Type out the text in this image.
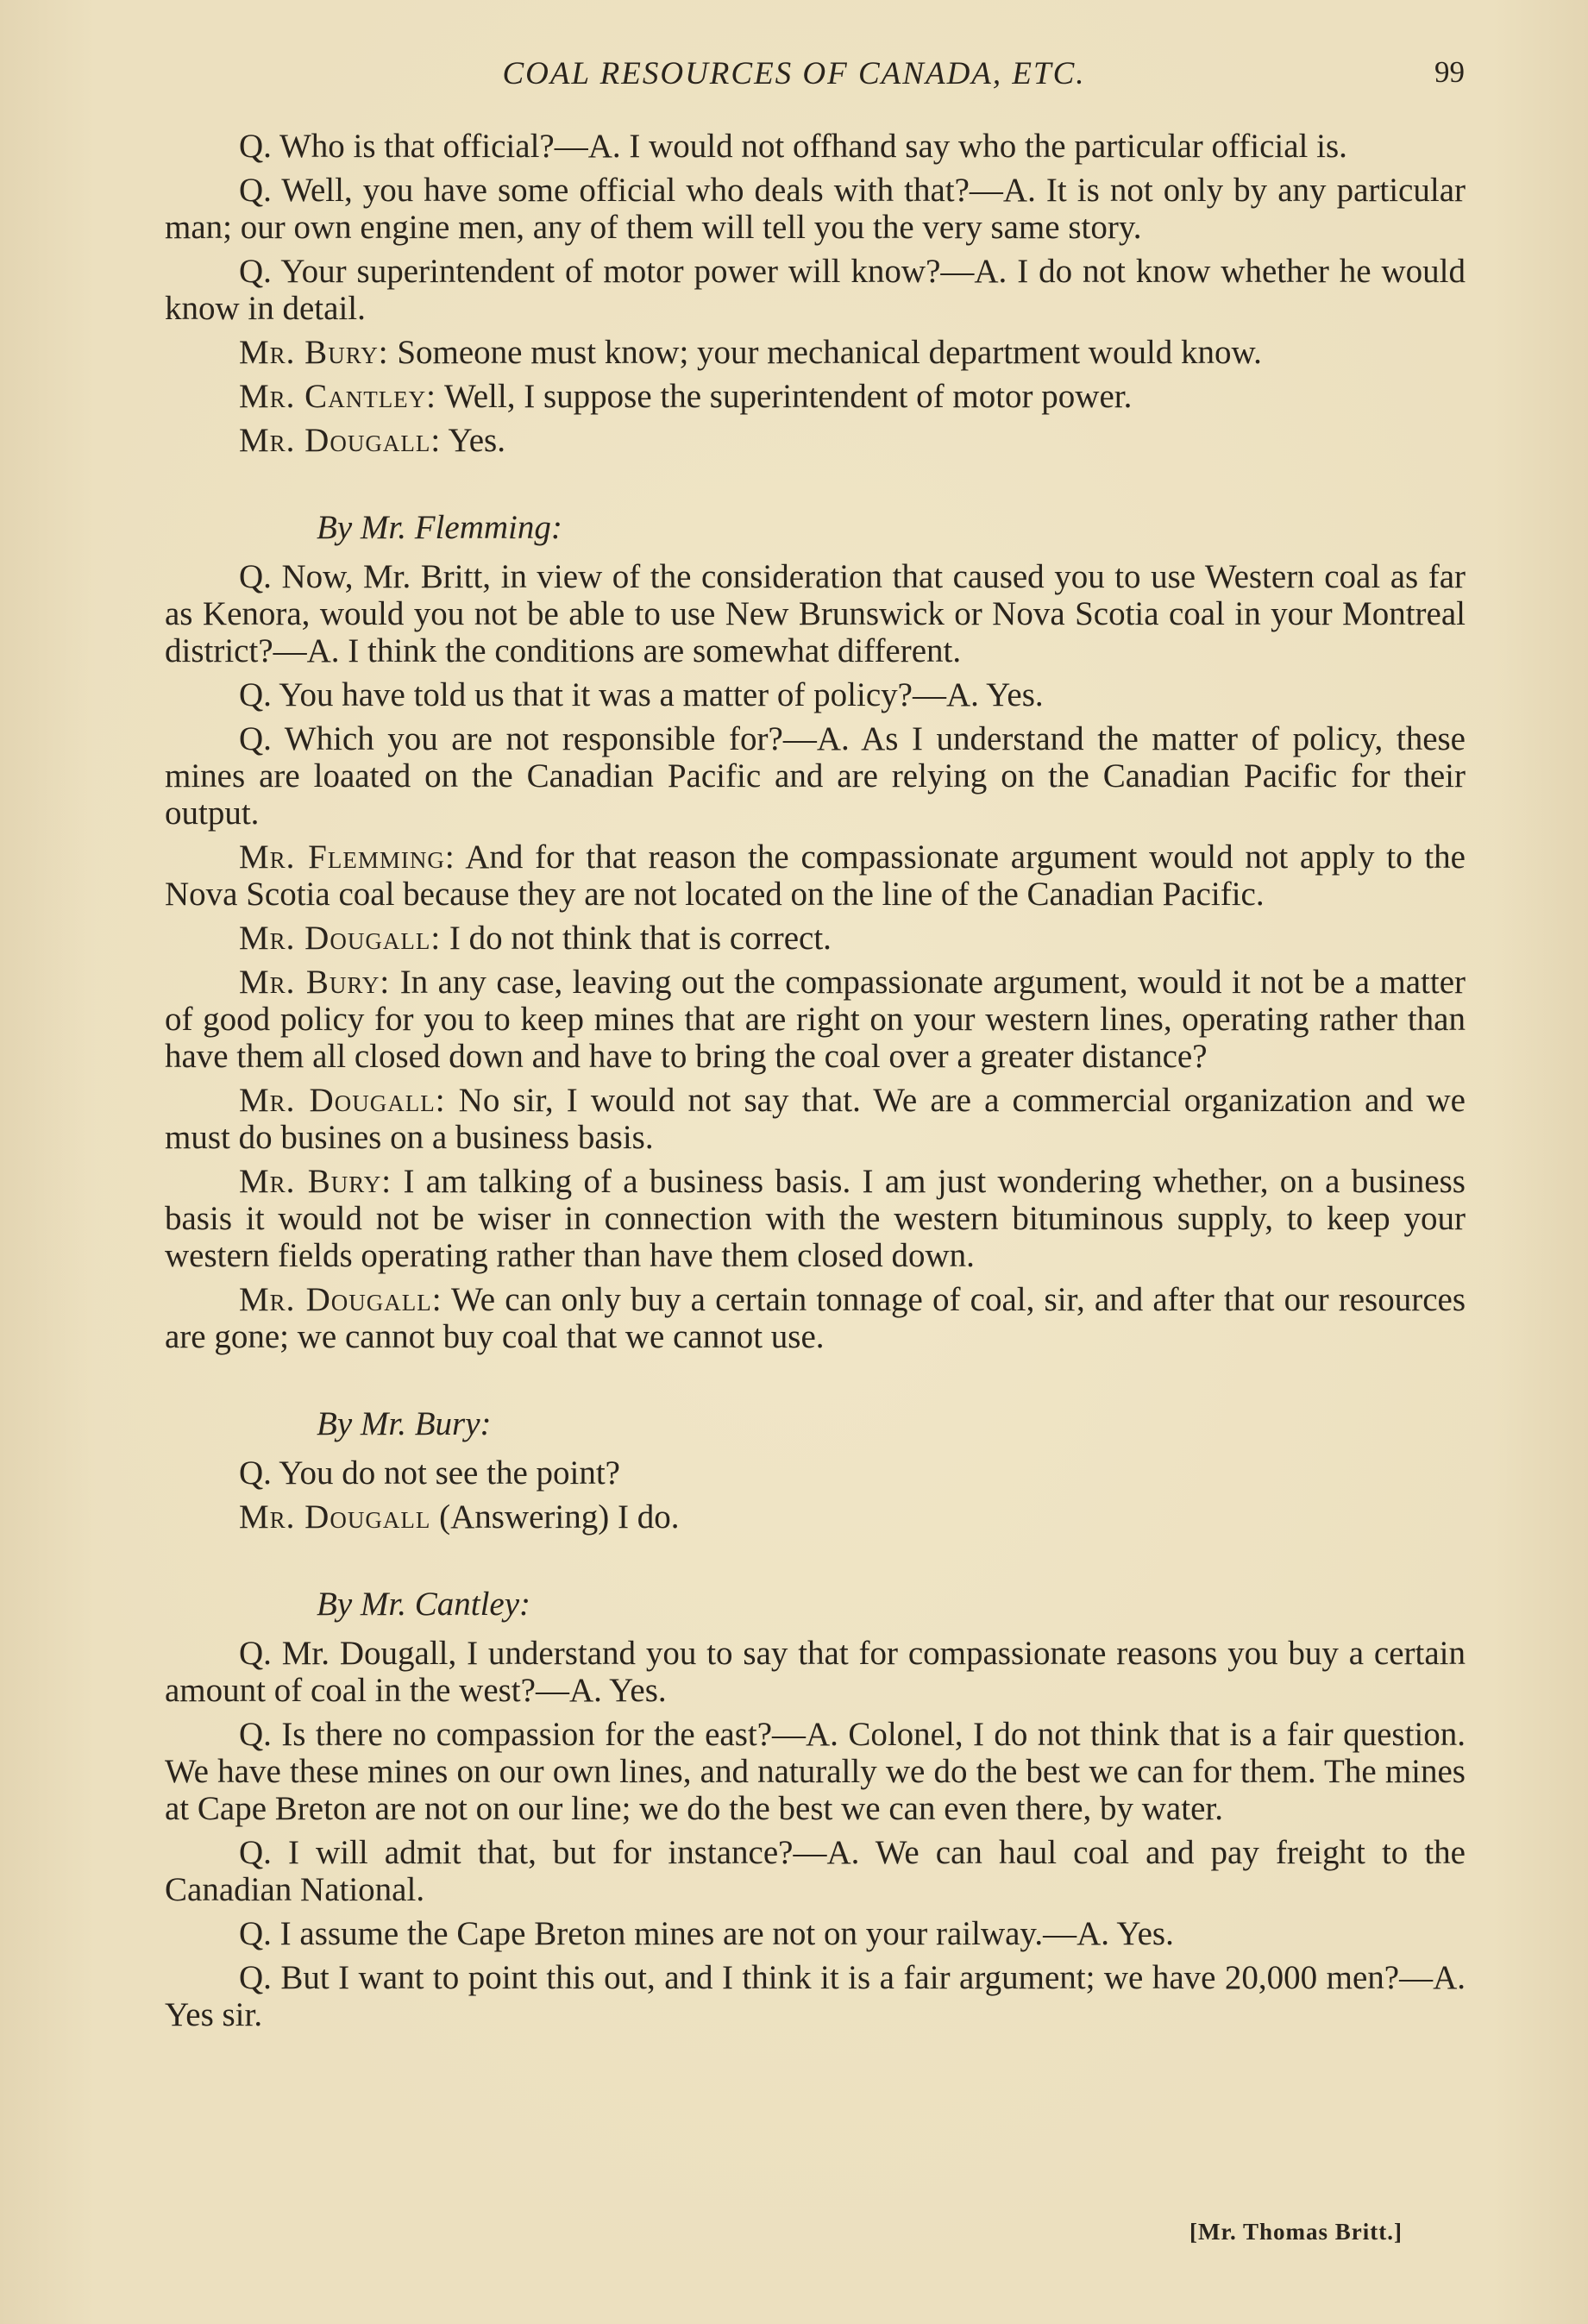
COAL RESOURCES OF CANADA, ETC.	99

Q. Who is that official?—A. I would not offhand say who the particular official is.

Q. Well, you have some official who deals with that?—A. It is not only by any particular man; our own engine men, any of them will tell you the very same story.

Q. Your superintendent of motor power will know?—A. I do not know whether he would know in detail.

Mr. Bury: Someone must know; your mechanical department would know.

Mr. Cantley: Well, I suppose the superintendent of motor power.

Mr. Dougall: Yes.

By Mr. Flemming:

Q. Now, Mr. Britt, in view of the consideration that caused you to use Western coal as far as Kenora, would you not be able to use New Brunswick or Nova Scotia coal in your Montreal district?—A. I think the conditions are somewhat different.

Q. You have told us that it was a matter of policy?—A. Yes.

Q. Which you are not responsible for?—A. As I understand the matter of policy, these mines are loaated on the Canadian Pacific and are relying on the Canadian Pacific for their output.

Mr. Flemming: And for that reason the compassionate argument would not apply to the Nova Scotia coal because they are not located on the line of the Canadian Pacific.

Mr. Dougall: I do not think that is correct.

Mr. Bury: In any case, leaving out the compassionate argument, would it not be a matter of good policy for you to keep mines that are right on your western lines, operating rather than have them all closed down and have to bring the coal over a greater distance?

Mr. Dougall: No sir, I would not say that. We are a commercial organization and we must do busines on a business basis.

Mr. Bury: I am talking of a business basis. I am just wondering whether, on a business basis it would not be wiser in connection with the western bituminous supply, to keep your western fields operating rather than have them closed down.

Mr. Dougall: We can only buy a certain tonnage of coal, sir, and after that our resources are gone; we cannot buy coal that we cannot use.

By Mr. Bury:

Q. You do not see the point?

Mr. Dougall (Answering) I do.

By Mr. Cantley:

Q. Mr. Dougall, I understand you to say that for compassionate reasons you buy a certain amount of coal in the west?—A. Yes.

Q. Is there no compassion for the east?—A. Colonel, I do not think that is a fair question. We have these mines on our own lines, and naturally we do the best we can for them. The mines at Cape Breton are not on our line; we do the best we can even there, by water.

Q. I will admit that, but for instance?—A. We can haul coal and pay freight to the Canadian National.

Q. I assume the Cape Breton mines are not on your railway.—A. Yes.

Q. But I want to point this out, and I think it is a fair argument; we have 20,000 men?—A. Yes sir.

[Mr. Thomas Britt.]
